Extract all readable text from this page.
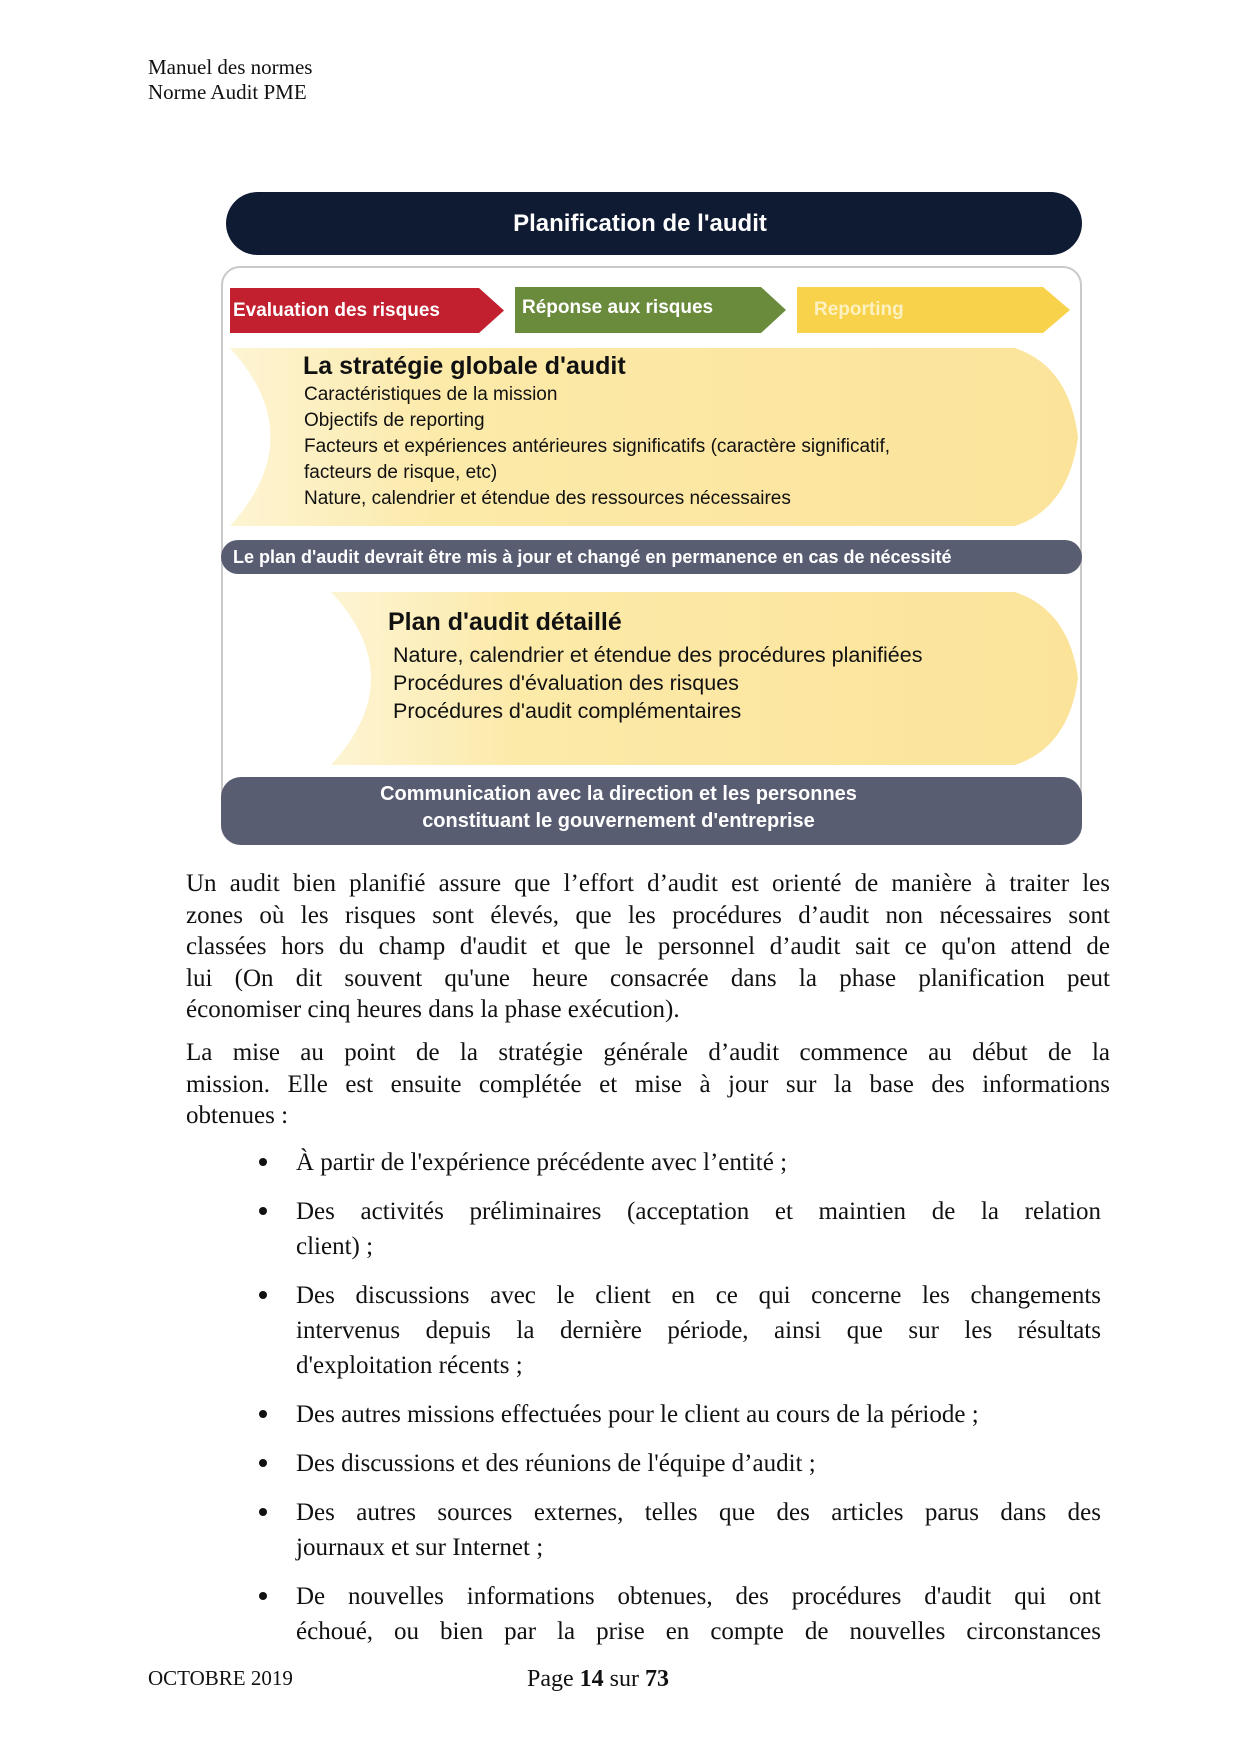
Manuel des normes
Norme Audit PME
Planification de l'audit
Evaluation des risques	Réponse aux risques	Reporting
La stratégie globale d'audit
Caractéristiques de la mission
Objectifs de reporting
Facteurs et expériences antérieures significatifs (caractère significatif,
facteurs de risque, etc)
Nature, calendrier et étendue des ressources nécessaires
Le plan d'audit devrait être mis à jour et changé en permanence en cas de nécessité
Plan d'audit détaillé
Nature, calendrier et étendue des procédures planifiées
Procédures d'évaluation des risques
Procédures d'audit complémentaires
Communication avec la direction et les personnes
constituant le gouvernement d'entreprise
Un audit bien planifié assure que l’effort d’audit est orienté de manière à traiter les
zones où les risques sont élevés, que les procédures d’audit non nécessaires sont
classées hors du champ d'audit et que le personnel d’audit sait ce qu'on attend de
lui (On dit souvent qu'une heure consacrée dans la phase planification peut
économiser cinq heures dans la phase exécution).
La mise au point de la stratégie générale d’audit commence au début de la
mission. Elle est ensuite complétée et mise à jour sur la base des informations
obtenues :
À partir de l'expérience précédente avec l’entité ;
Des activités préliminaires (acceptation et maintien de la relation
client) ;
Des discussions avec le client en ce qui concerne les changements
intervenus depuis la dernière période, ainsi que sur les résultats
d'exploitation récents ;
Des autres missions effectuées pour le client au cours de la période ;
Des discussions et des réunions de l'équipe d’audit ;
Des autres sources externes, telles que des articles parus dans des
journaux et sur Internet ;
De nouvelles informations obtenues, des procédures d'audit qui ont
échoué, ou bien par la prise en compte de nouvelles circonstances
OCTOBRE 2019	Page 14 sur 73
